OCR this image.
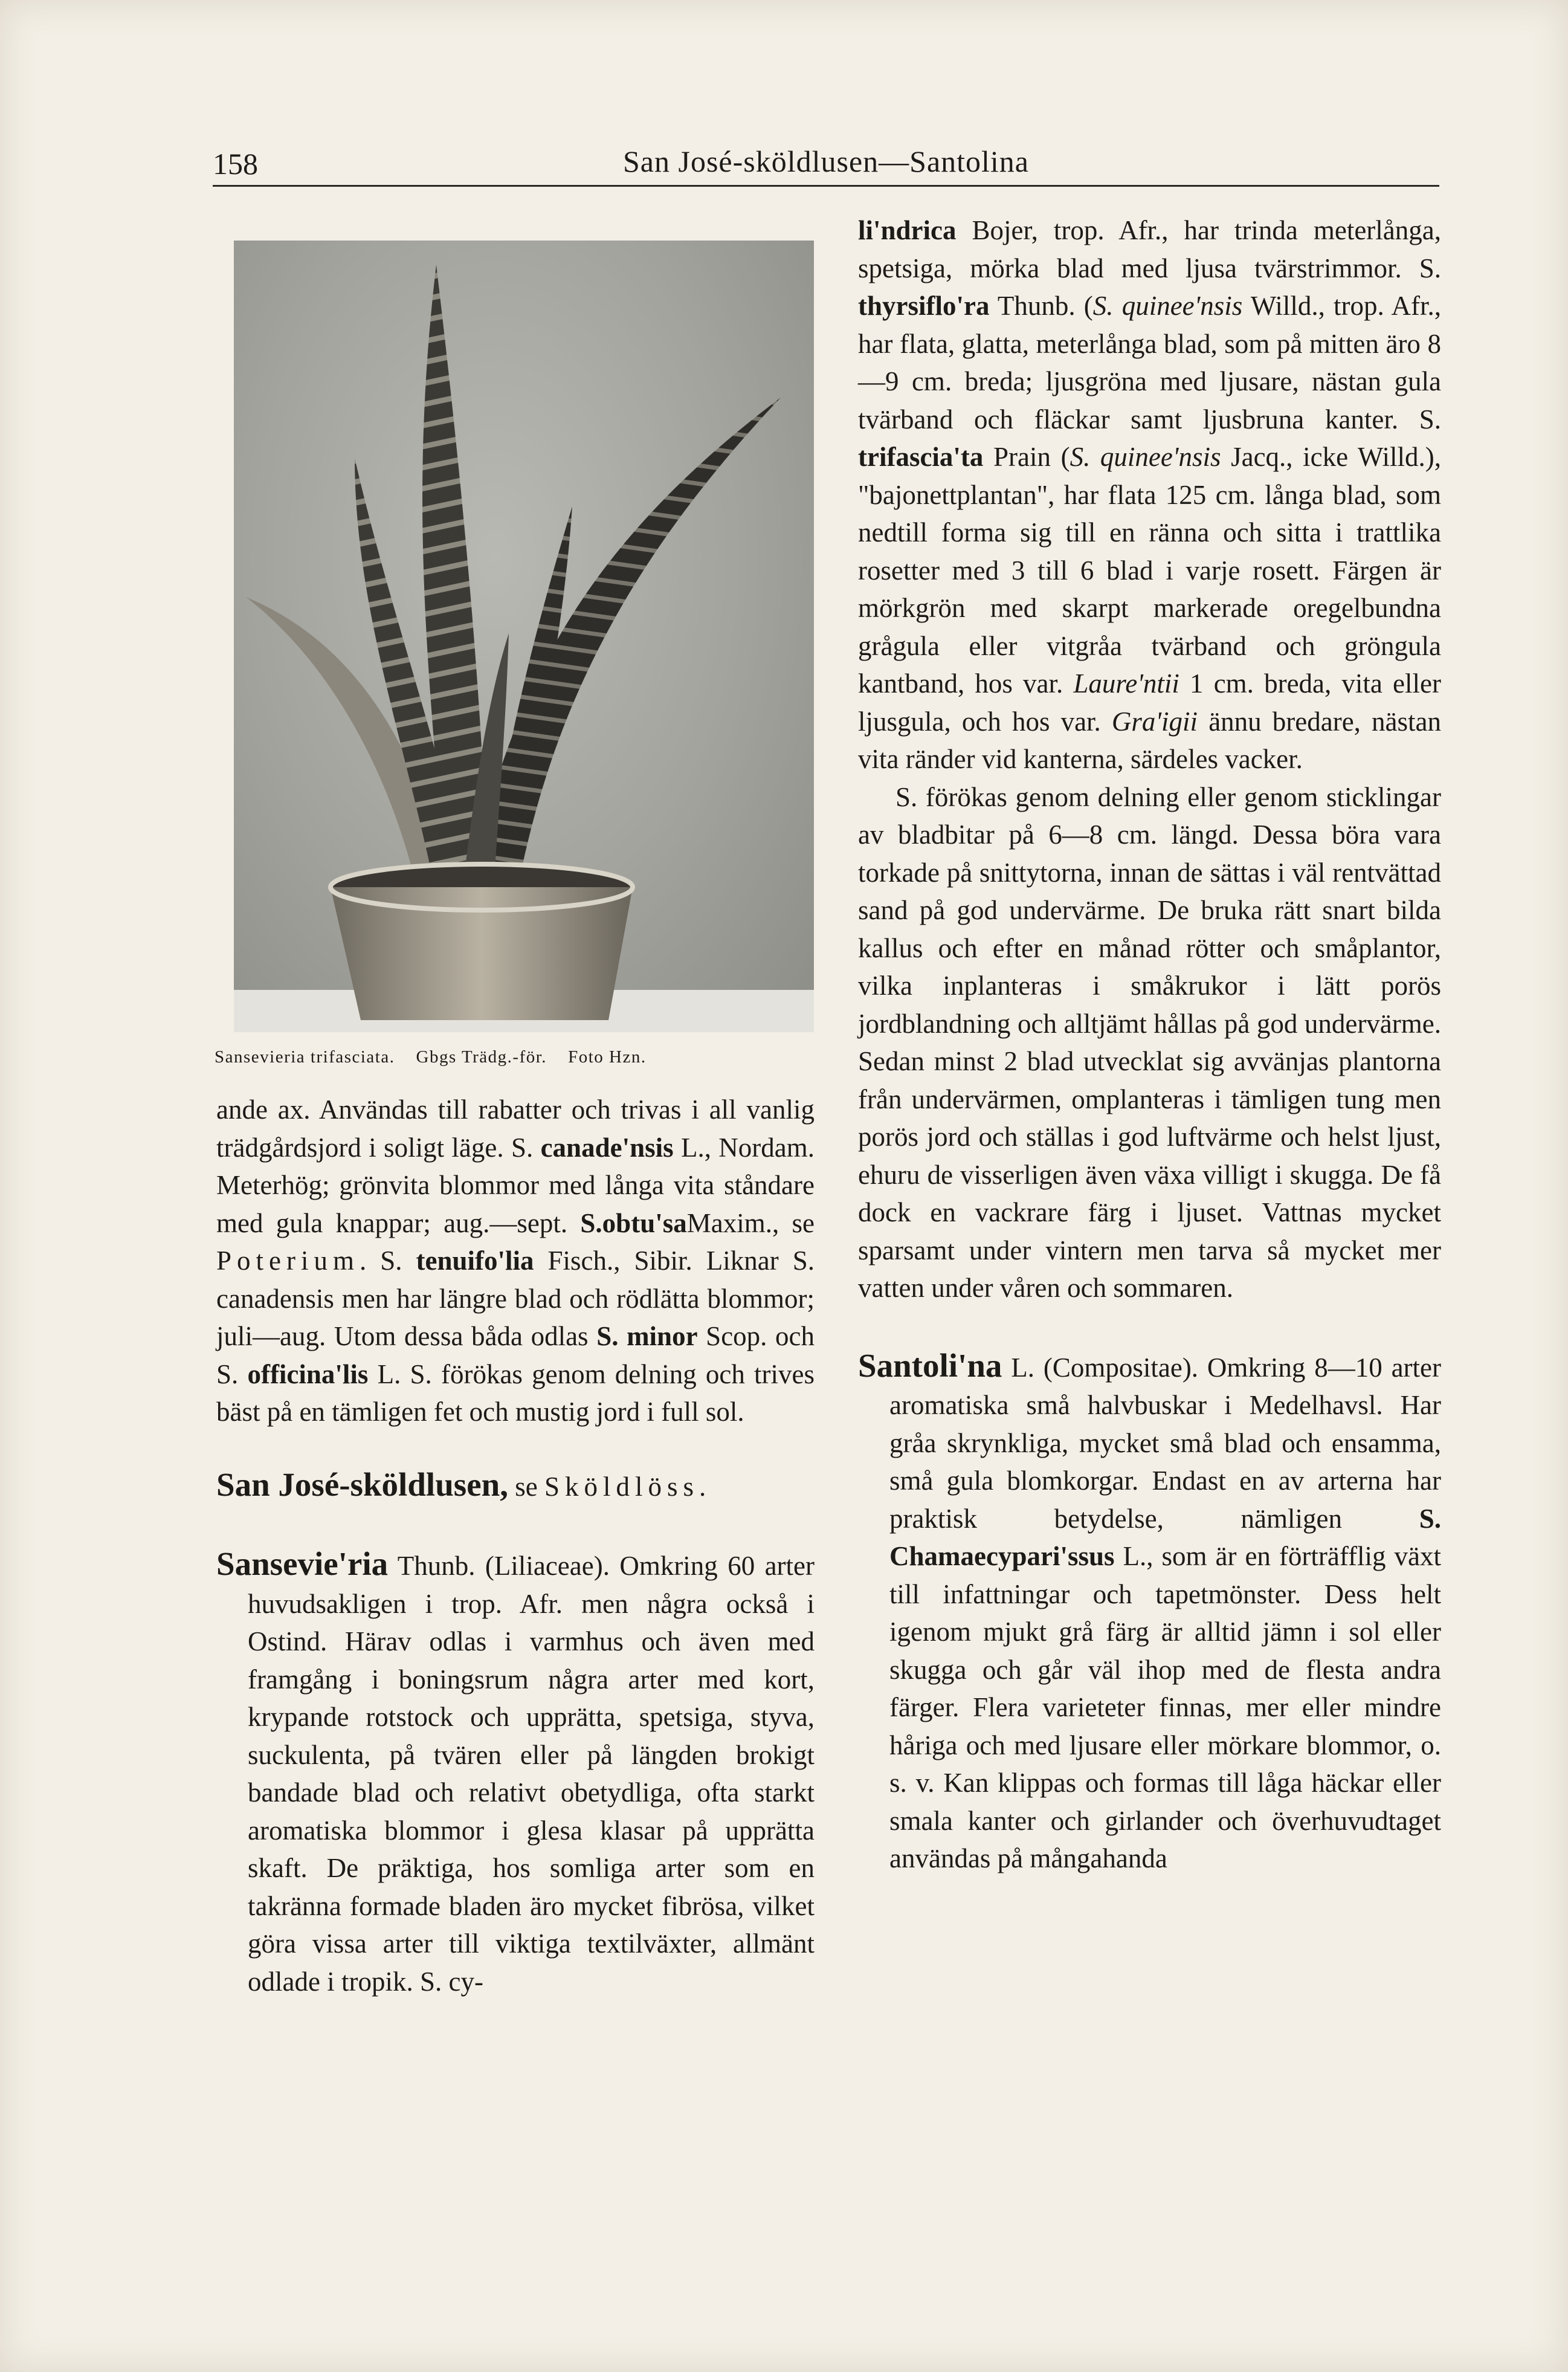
158	San José-sköldlusen—Santolina
Sansevieria trifasciata. Gbgs Trädg.-för. Foto Hzn.

ande ax. Användas till rabatter och trivas i all vanlig trädgårdsjord i soligt läge. S. canade'nsis L., Nordam. Meterhög; grönvita blommor med långa vita ståndare med gula knappar; aug.—sept. S.obtu'saMaxim., se Poterium. S. tenuifo'lia Fisch., Sibir. Liknar S. canadensis men har längre blad och rödlätta blommor; juli—aug. Utom dessa båda odlas S. minor Scop. och S. officina'lis L. S. förökas genom delning och trives bäst på en tämligen fet och mustig jord i full sol.

San José-sköldlusen, se Sköldlöss.

Sansevie'ria Thunb. (Liliaceae). Omkring 60 arter huvudsakligen i trop. Afr. men några också i Ostind. Härav odlas i varmhus och även med framgång i boningsrum några arter med kort, krypande rotstock och upprätta, spetsiga, styva, suckulenta, på tvären eller på längden brokigt bandade blad och relativt obetydliga, ofta starkt aromatiska blommor i glesa klasar på upprätta skaft. De präktiga, hos somliga arter som en takränna formade bladen äro mycket fibrösa, vilket göra vissa arter till viktiga textilväxter, allmänt odlade i tropik. S. cy-

li'ndrica Bojer, trop. Afr., har trinda meterlånga, spetsiga, mörka blad med ljusa tvärstrimmor. S. thyrsiflo'ra Thunb. (S. quinee'nsis Willd., trop. Afr., har flata, glatta, meterlånga blad, som på mitten äro 8—9 cm. breda; ljusgröna med ljusare, nästan gula tvärband och fläckar samt ljusbruna kanter. S. trifascia'ta Prain (S. quinee'nsis Jacq., icke Willd.), "bajonettplantan", har flata 125 cm. långa blad, som nedtill forma sig till en ränna och sitta i trattlika rosetter med 3 till 6 blad i varje rosett. Färgen är mörkgrön med skarpt markerade oregelbundna grågula eller vitgråa tvärband och gröngula kantband, hos var. Laure'ntii 1 cm. breda, vita eller ljusgula, och hos var. Gra'igii ännu bredare, nästan vita ränder vid kanterna, särdeles vacker.

S. förökas genom delning eller genom sticklingar av bladbitar på 6—8 cm. längd. Dessa böra vara torkade på snittytorna, innan de sättas i väl rentvättad sand på god undervärme. De bruka rätt snart bilda kallus och efter en månad rötter och småplantor, vilka inplanteras i småkrukor i lätt porös jordblandning och alltjämt hållas på god undervärme. Sedan minst 2 blad utvecklat sig avvänjas plantorna från undervärmen, omplanteras i tämligen tung men porös jord och ställas i god luftvärme och helst ljust, ehuru de visserligen även växa villigt i skugga. De få dock en vackrare färg i ljuset. Vattnas mycket sparsamt under vintern men tarva så mycket mer vatten under våren och sommaren.

Santoli'na L. (Compositae). Omkring 8—10 arter aromatiska små halvbuskar i Medelhavsl. Har gråa skrynkliga, mycket små blad och ensamma, små gula blomkorgar. Endast en av arterna har praktisk betydelse, nämligen S. Chamaecypari'ssus L., som är en förträfflig växt till infattningar och tapetmönster. Dess helt igenom mjukt grå färg är alltid jämn i sol eller skugga och går väl ihop med de flesta andra färger. Flera varieteter finnas, mer eller mindre håriga och med ljusare eller mörkare blommor, o. s. v. Kan klippas och formas till låga häckar eller smala kanter och girlander och överhuvudtaget användas på mångahanda
